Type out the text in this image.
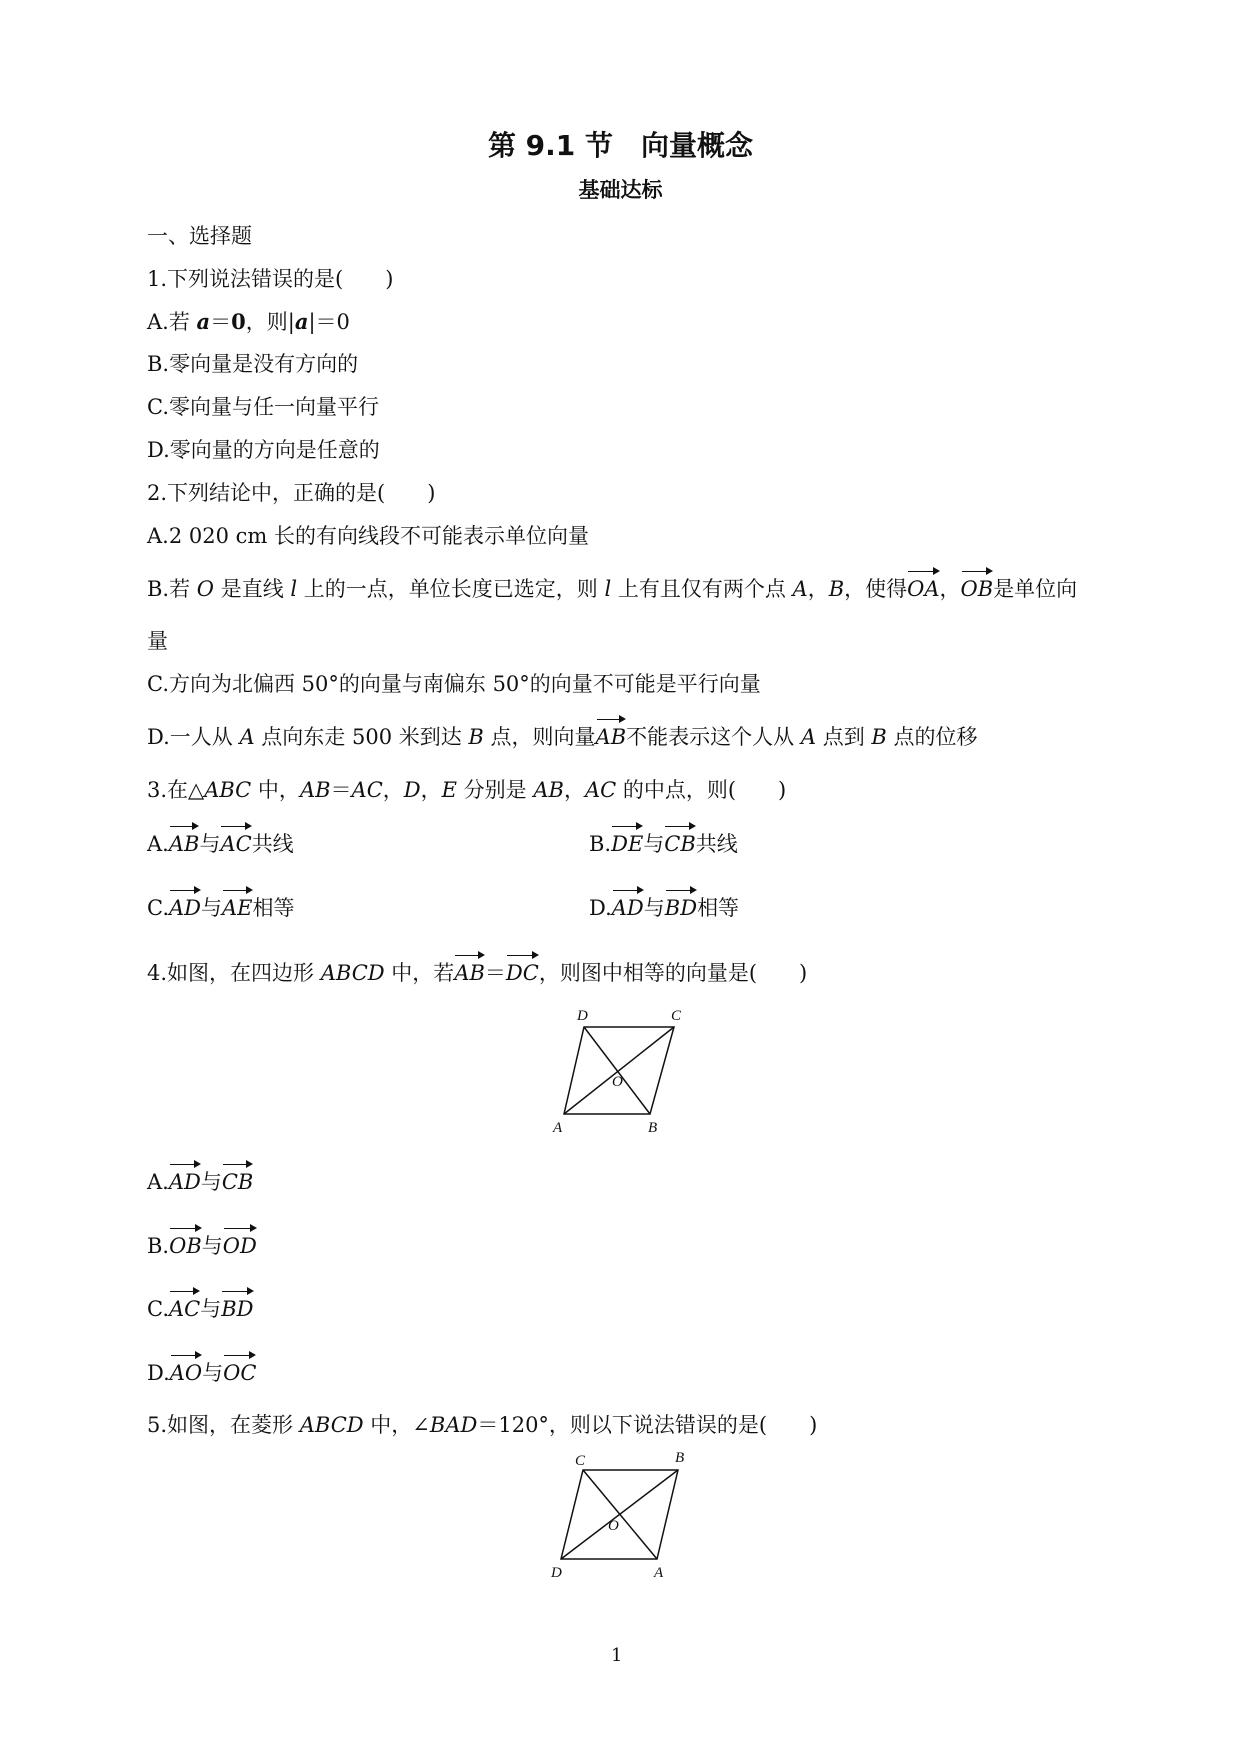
第 9.1 节　向量概念
基础达标
一、选择题
1.下列说法错误的是(　　)
A.若 a＝0，则|a|＝0
B.零向量是没有方向的
C.零向量与任一向量平行
D.零向量的方向是任意的
2.下列结论中，正确的是(　　)
A.2 020 cm 长的有向线段不可能表示单位向量
B.若 O 是直线 l 上的一点，单位长度已选定，则 l 上有且仅有两个点 A，B，使得OA，OB是单位向
量
C.方向为北偏西 50°的向量与南偏东 50°的向量不可能是平行向量
D.一人从 A 点向东走 500 米到达 B 点，则向量AB不能表示这个人从 A 点到 B 点的位移
3.在△ABC 中，AB＝AC，D，E 分别是 AB，AC 的中点，则(　　)
A.AB与AC共线	B.DE与CB共线
C.AD与AE相等	D.AD与BD相等
4.如图，在四边形 ABCD 中，若AB＝DC，则图中相等的向量是(　　)
D	C
O
A	B
A.AD与CB
B.OB与OD
C.AC与BD
D.AO与OC
5.如图，在菱形 ABCD 中，∠BAD＝120°，则以下说法错误的是(　　)
C	B
O
D	A
1
